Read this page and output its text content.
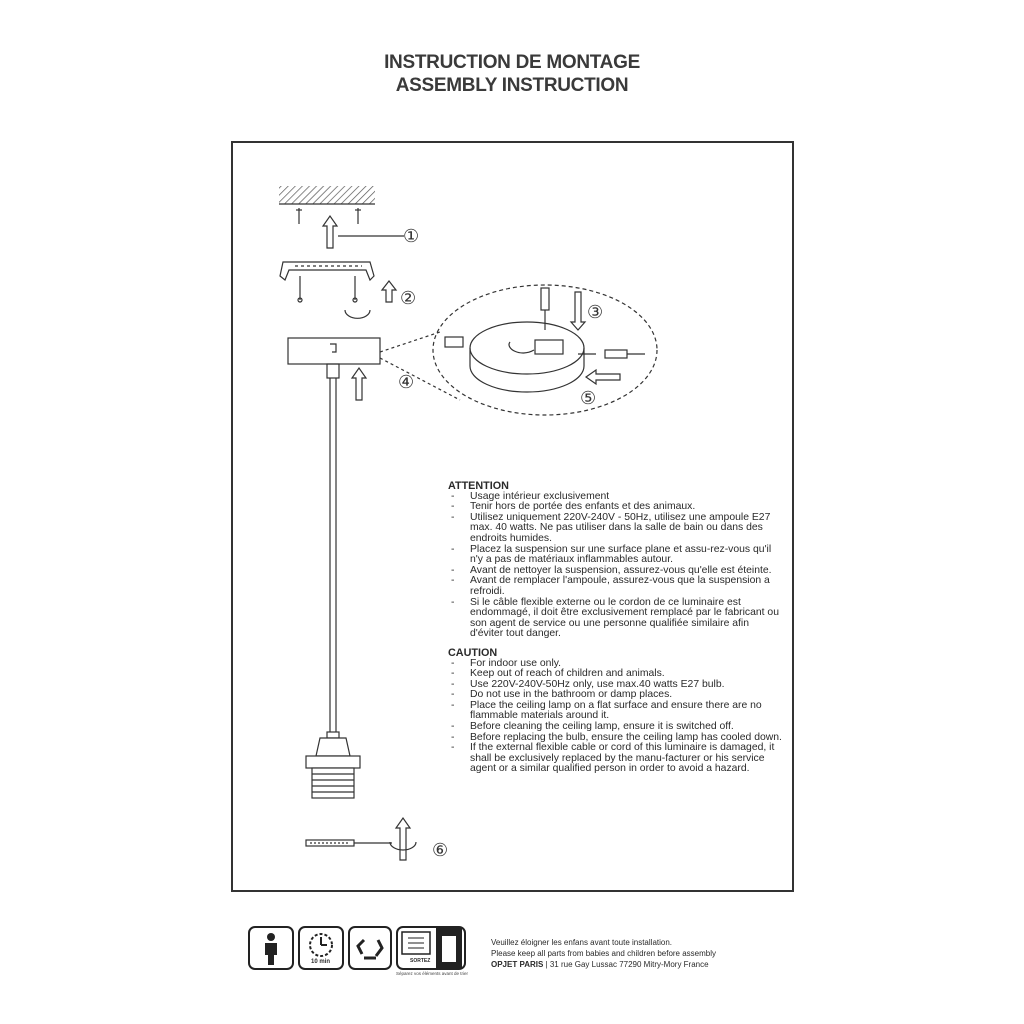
INSTRUCTION DE MONTAGE
ASSEMBLY INSTRUCTION
①
②
③
④
⑤
⑥
ATTENTION
- Usage intérieur exclusivement
- Tenir hors de portée des enfants et des animaux.
- Utilisez uniquement 220V-240V - 50Hz, utilisez une ampoule E27 max. 40 watts. Ne pas utiliser dans la salle de bain ou dans des endroits humides.
- Placez la suspension sur une surface plane et assu-rez-vous qu'il n'y a pas de matériaux inflammables autour.
- Avant de nettoyer la suspension, assurez-vous qu'elle est éteinte.
- Avant de remplacer l'ampoule, assurez-vous que la suspension a refroidi.
- Si le câble flexible externe ou le cordon de ce luminaire est endommagé, il doit être exclusivement remplacé par le fabricant ou son agent de service ou une personne qualifiée similaire afin d'éviter tout danger.
CAUTION
- For indoor use only.
- Keep out of reach of children and animals.
- Use 220V-240V-50Hz only, use max.40 watts E27 bulb.
- Do not use in the bathroom or damp places.
- Place the ceiling lamp on a flat surface and ensure there are no flammable materials around it.
- Before cleaning the ceiling lamp, ensure it is switched off.
- Before replacing the bulb, ensure the ceiling lamp has cooled down.
- If the external flexible cable or cord of this luminaire is damaged, it shall be exclusively replaced by the manu-facturer or his service agent or a similar qualified person in order to avoid a hazard.
10 min	SORTEZ
Séparez vos éléments avant de trier
Veuillez éloigner les enfans avant toute installation.
Please keep all parts from babies and children before assembly
OPJET PARIS | 31 rue Gay Lussac 77290 Mitry-Mory France
